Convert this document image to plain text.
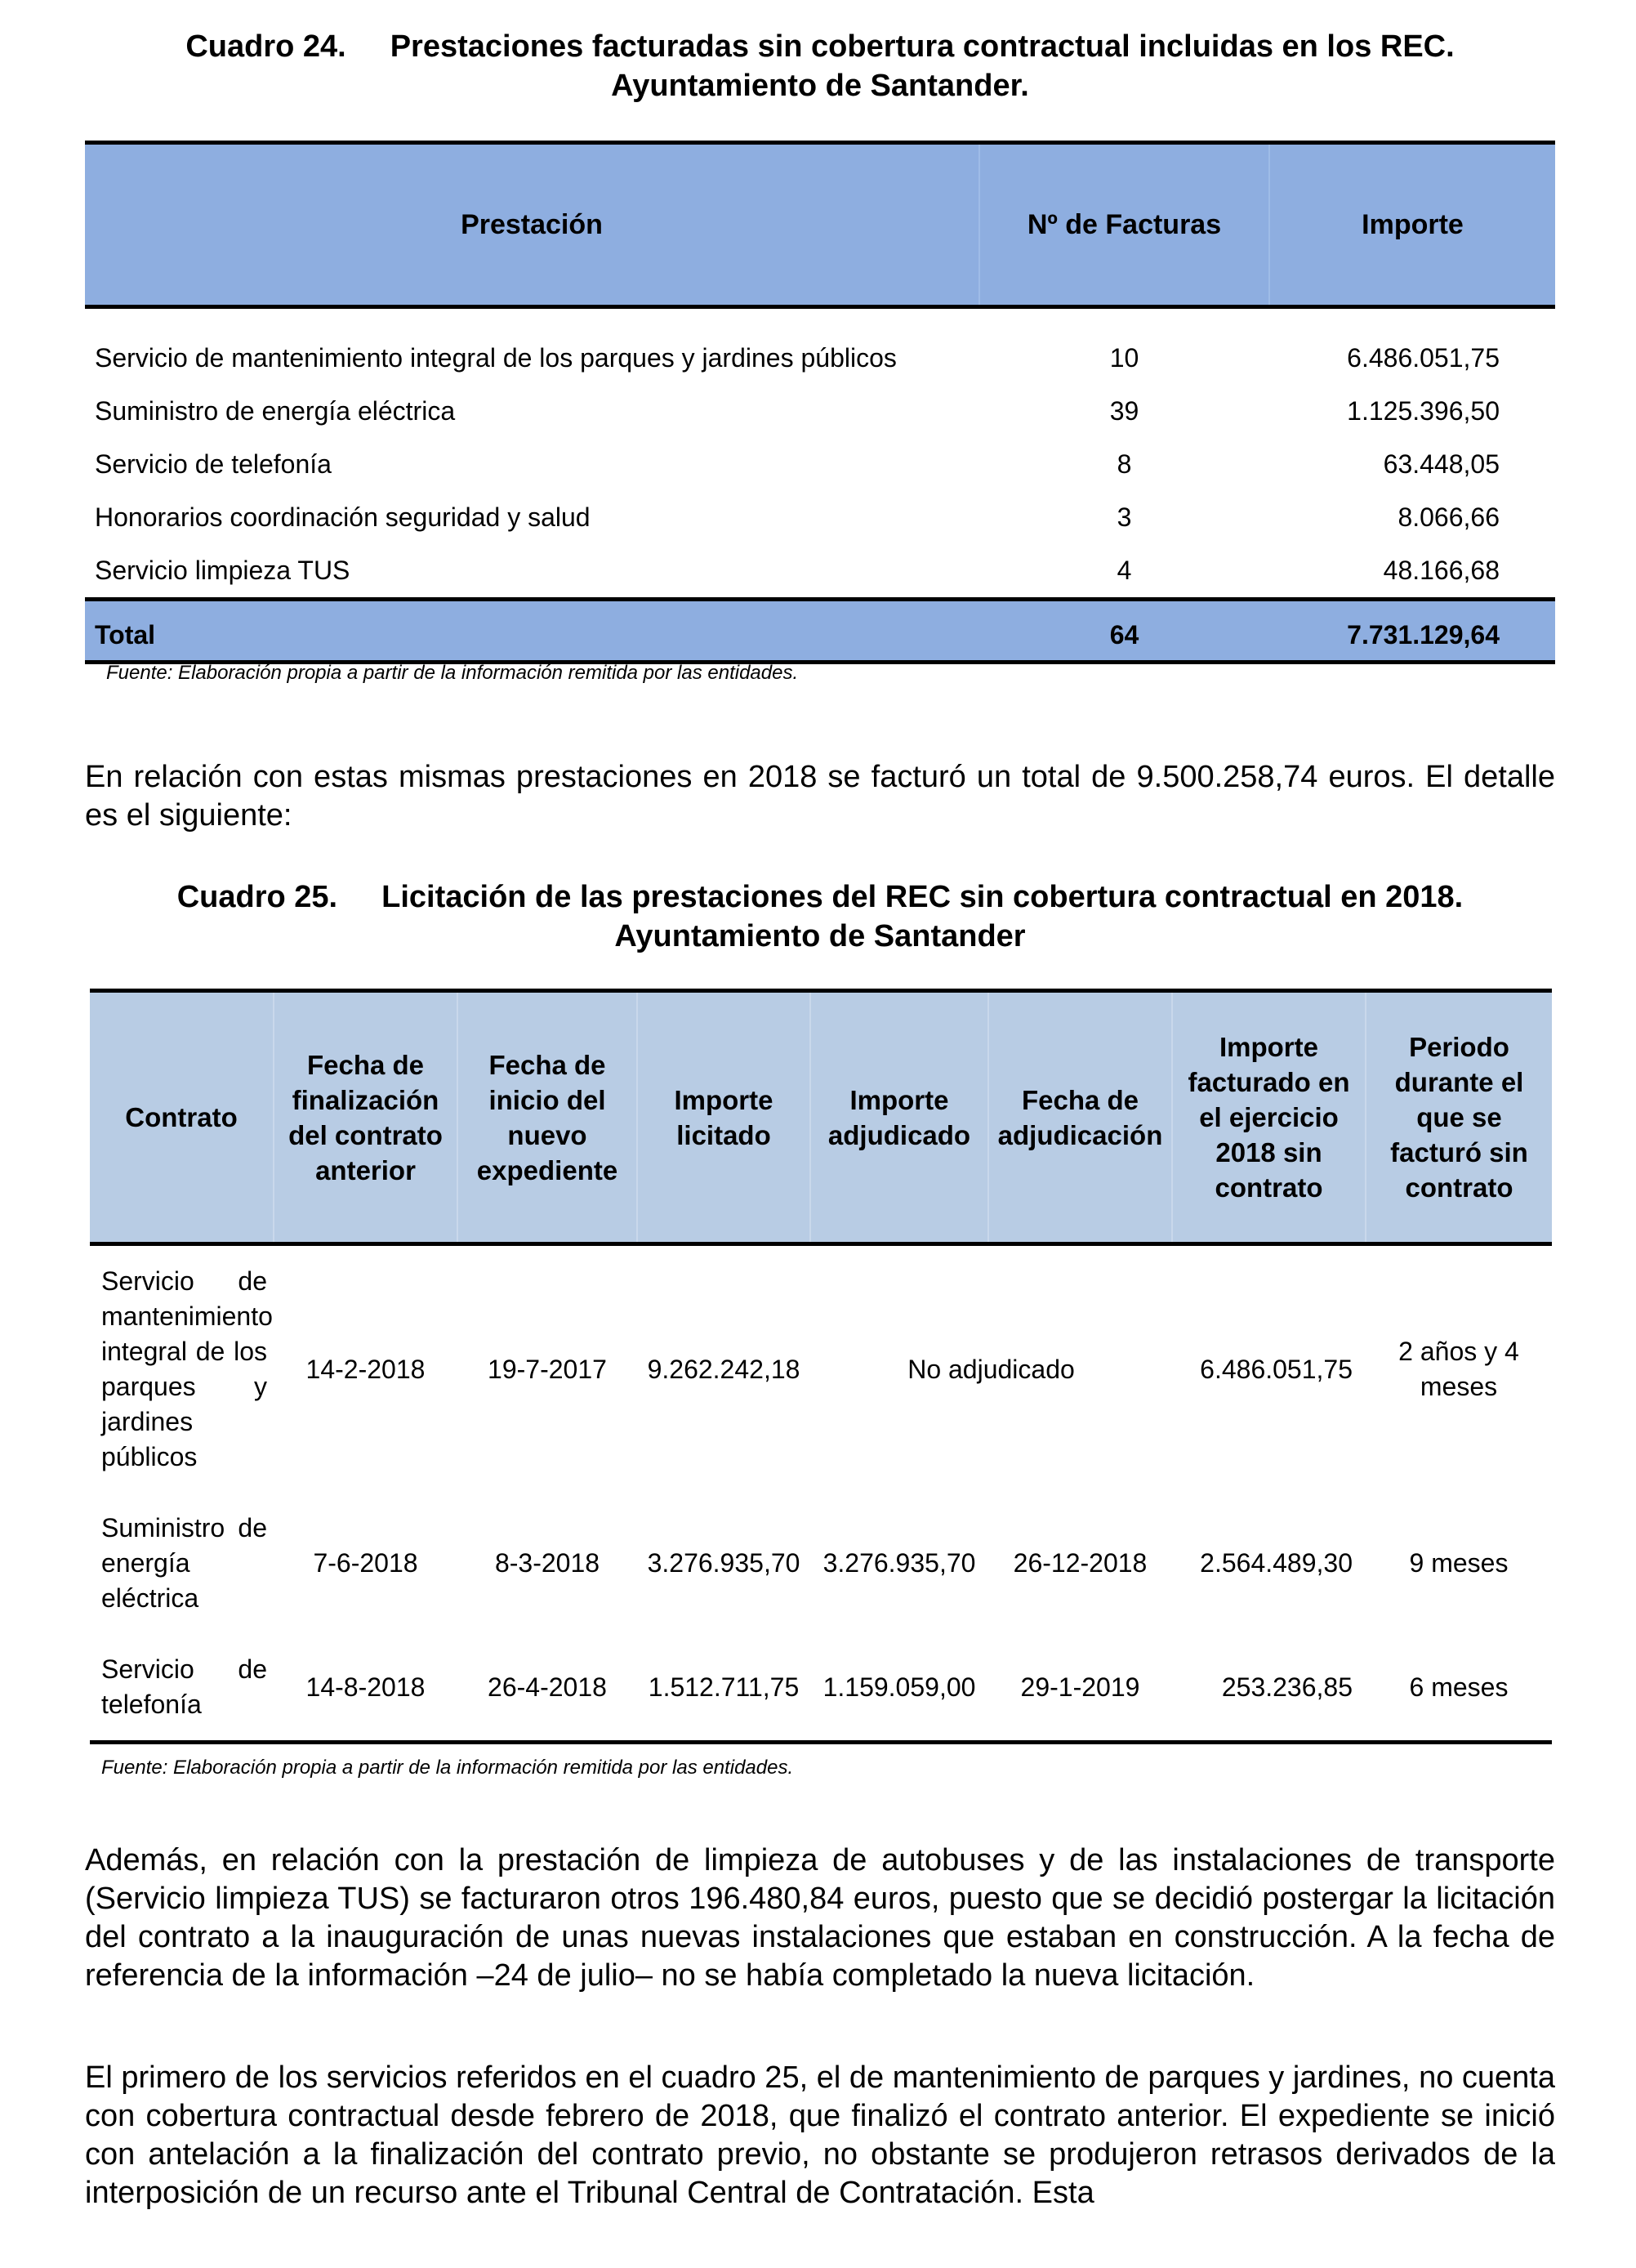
Cuadro 24. Prestaciones facturadas sin cobertura contractual incluidas en los REC.
Ayuntamiento de Santander.
Prestación	Nº de Facturas	Importe
Servicio de mantenimiento integral de los parques y jardines públicos	10	6.486.051,75
Suministro de energía eléctrica	39	1.125.396,50
Servicio de telefonía	8	63.448,05
Honorarios coordinación seguridad y salud	3	8.066,66
Servicio limpieza TUS	4	48.166,68
Total	64	7.731.129,64
Fuente: Elaboración propia a partir de la información remitida por las entidades.

En relación con estas mismas prestaciones en 2018 se facturó un total de 9.500.258,74 euros. El detalle es el siguiente:

Cuadro 25. Licitación de las prestaciones del REC sin cobertura contractual en 2018.
Ayuntamiento de Santander
Contrato	Fecha de finalización del contrato anterior	Fecha de inicio del nuevo expediente	Importe licitado	Importe adjudicado	Fecha de adjudicación	Importe facturado en el ejercicio 2018 sin contrato	Periodo durante el que se facturó sin contrato
Servicio de mantenimiento integral de los parques y jardines públicos	14-2-2018	19-7-2017	9.262.242,18	No adjudicado		6.486.051,75	2 años y 4 meses
Suministro de energía eléctrica	7-6-2018	8-3-2018	3.276.935,70	3.276.935,70	26-12-2018	2.564.489,30	9 meses
Servicio de telefonía	14-8-2018	26-4-2018	1.512.711,75	1.159.059,00	29-1-2019	253.236,85	6 meses
Fuente: Elaboración propia a partir de la información remitida por las entidades.

Además, en relación con la prestación de limpieza de autobuses y de las instalaciones de transporte (Servicio limpieza TUS) se facturaron otros 196.480,84 euros, puesto que se decidió postergar la licitación del contrato a la inauguración de unas nuevas instalaciones que estaban en construcción. A la fecha de referencia de la información –24 de julio– no se había completado la nueva licitación.

El primero de los servicios referidos en el cuadro 25, el de mantenimiento de parques y jardines, no cuenta con cobertura contractual desde febrero de 2018, que finalizó el contrato anterior. El expediente se inició con antelación a la finalización del contrato previo, no obstante se produjeron retrasos derivados de la interposición de un recurso ante el Tribunal Central de Contratación. Esta
